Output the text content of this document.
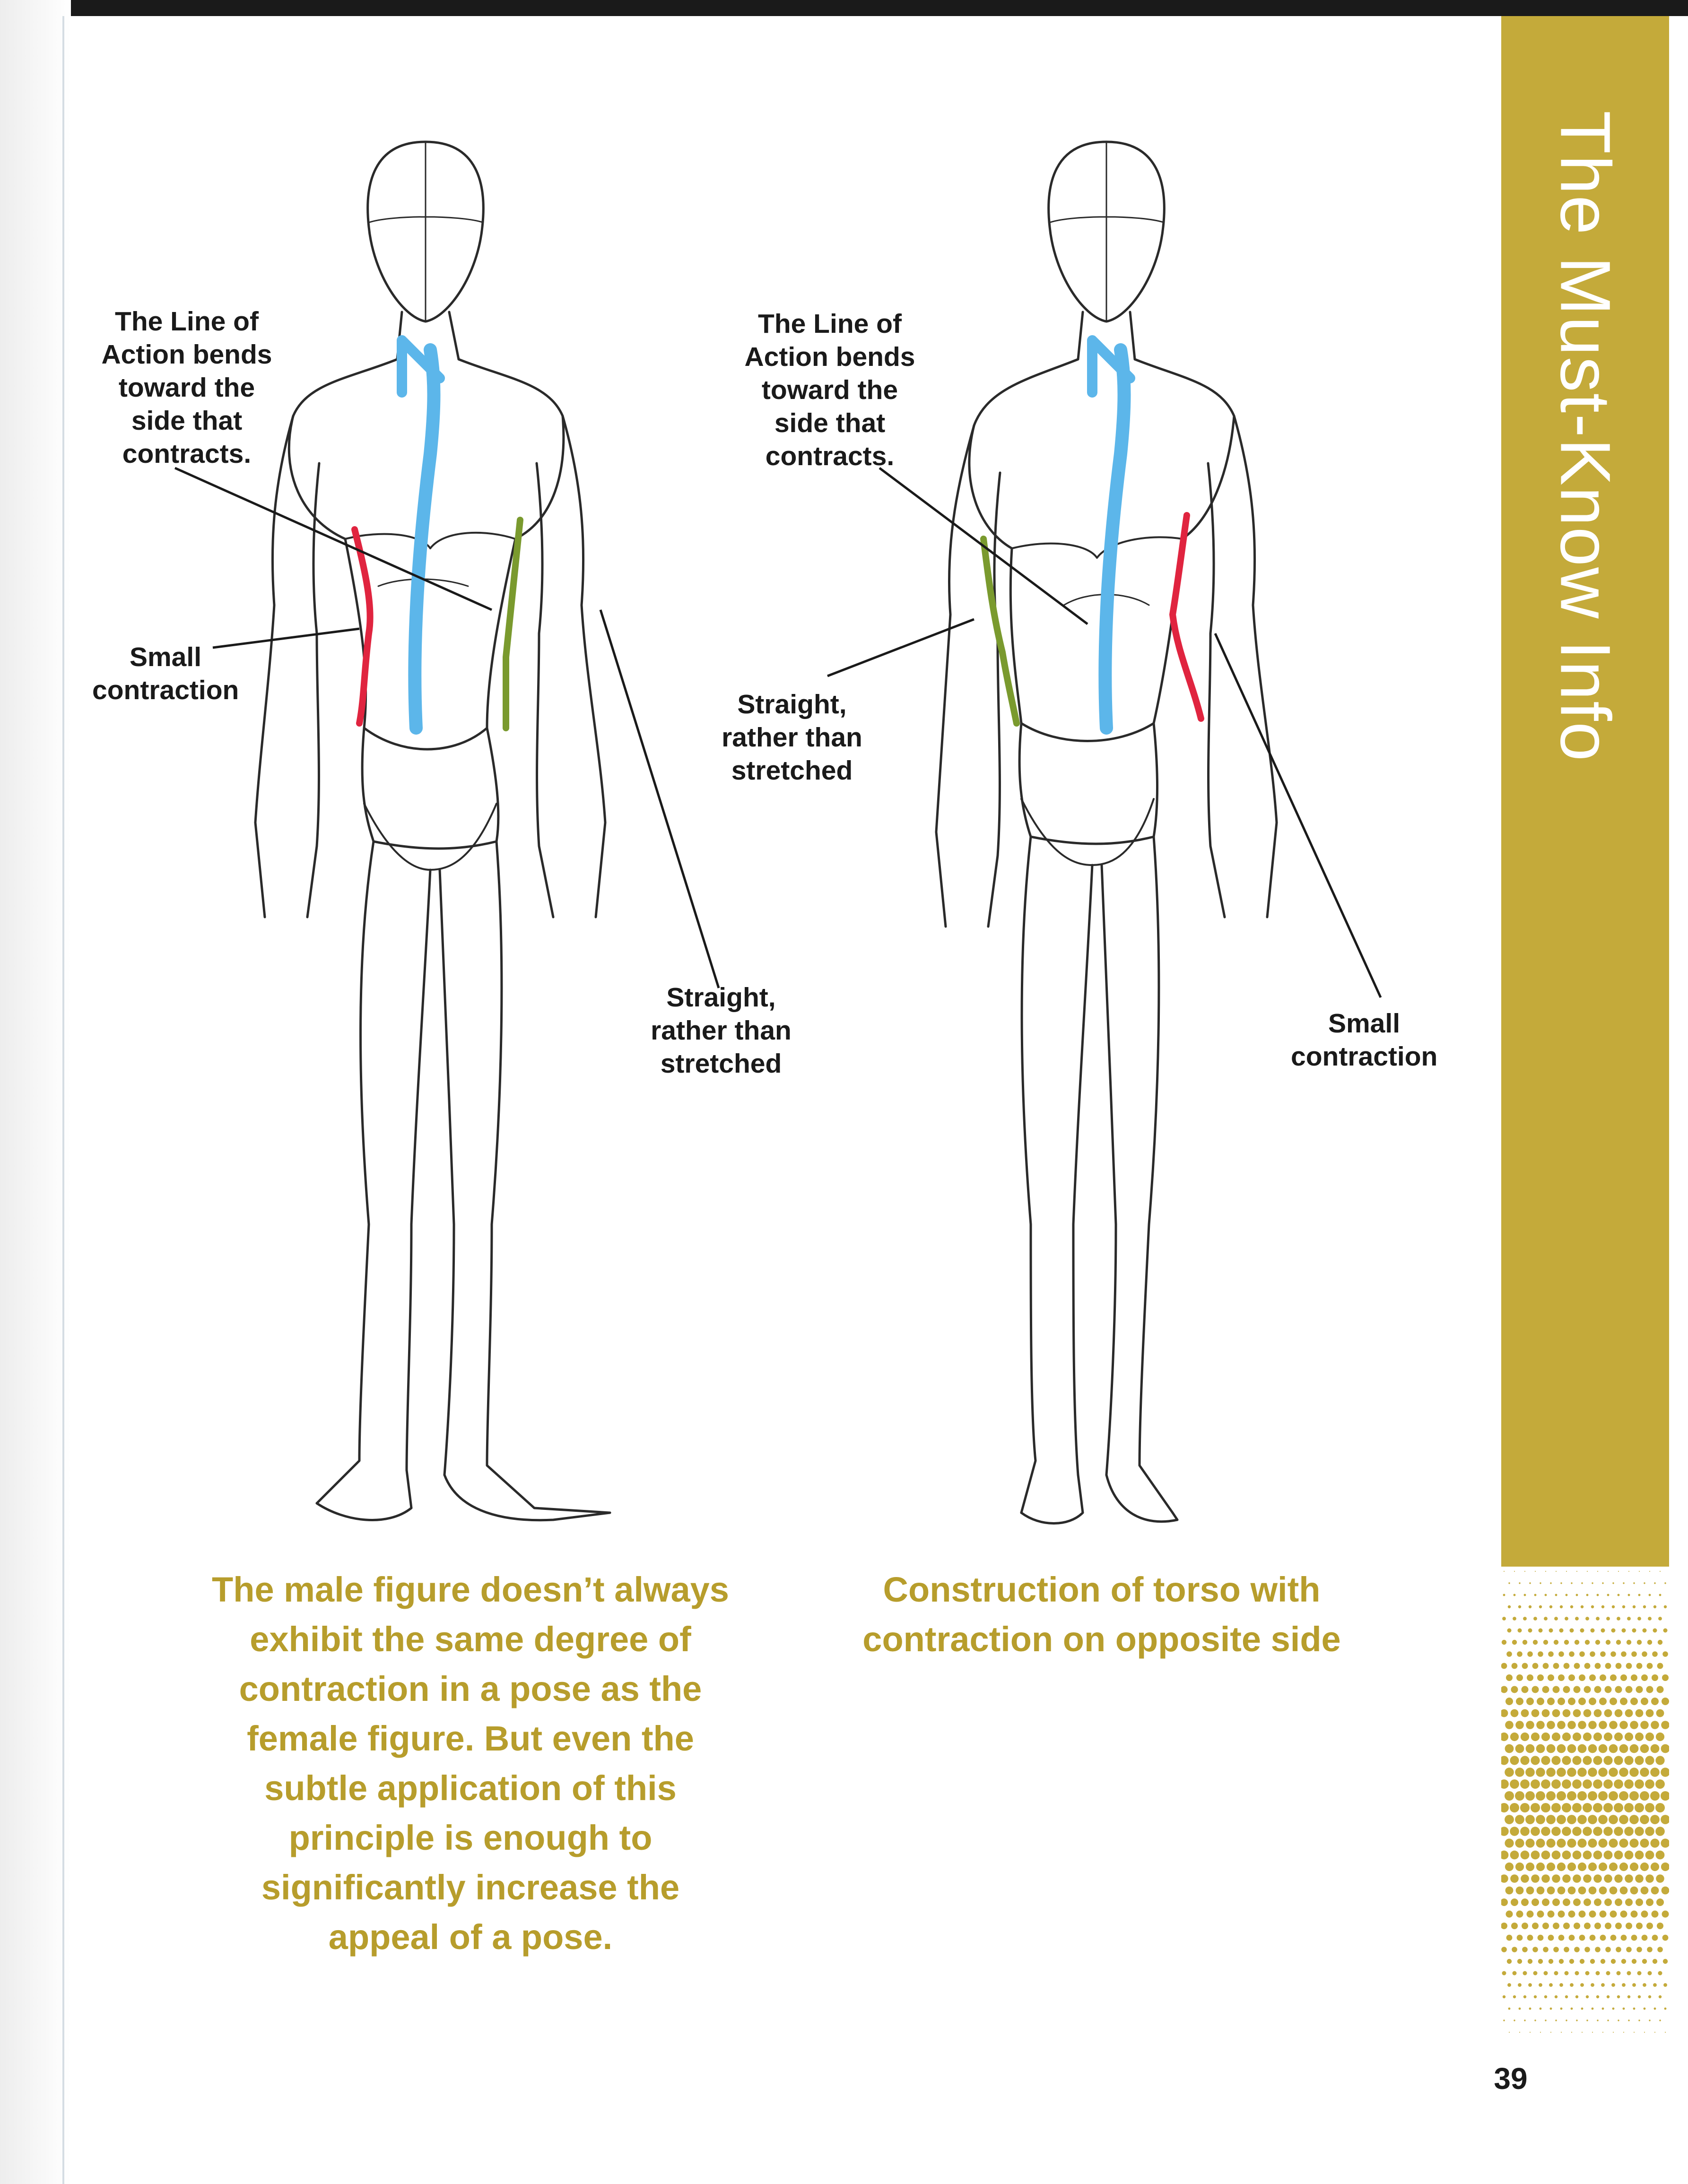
The Must-Know Info
The Line of Action bends toward the side that contracts.
Small contraction
Straight, rather than stretched
The Line of Action bends toward the side that contracts.
Straight, rather than stretched
Small contraction
The male figure doesn’t always exhibit the same degree of contraction in a pose as the female figure. But even the subtle application of this principle is enough to significantly increase the appeal of a pose.
Construction of torso with contraction on opposite side
39
